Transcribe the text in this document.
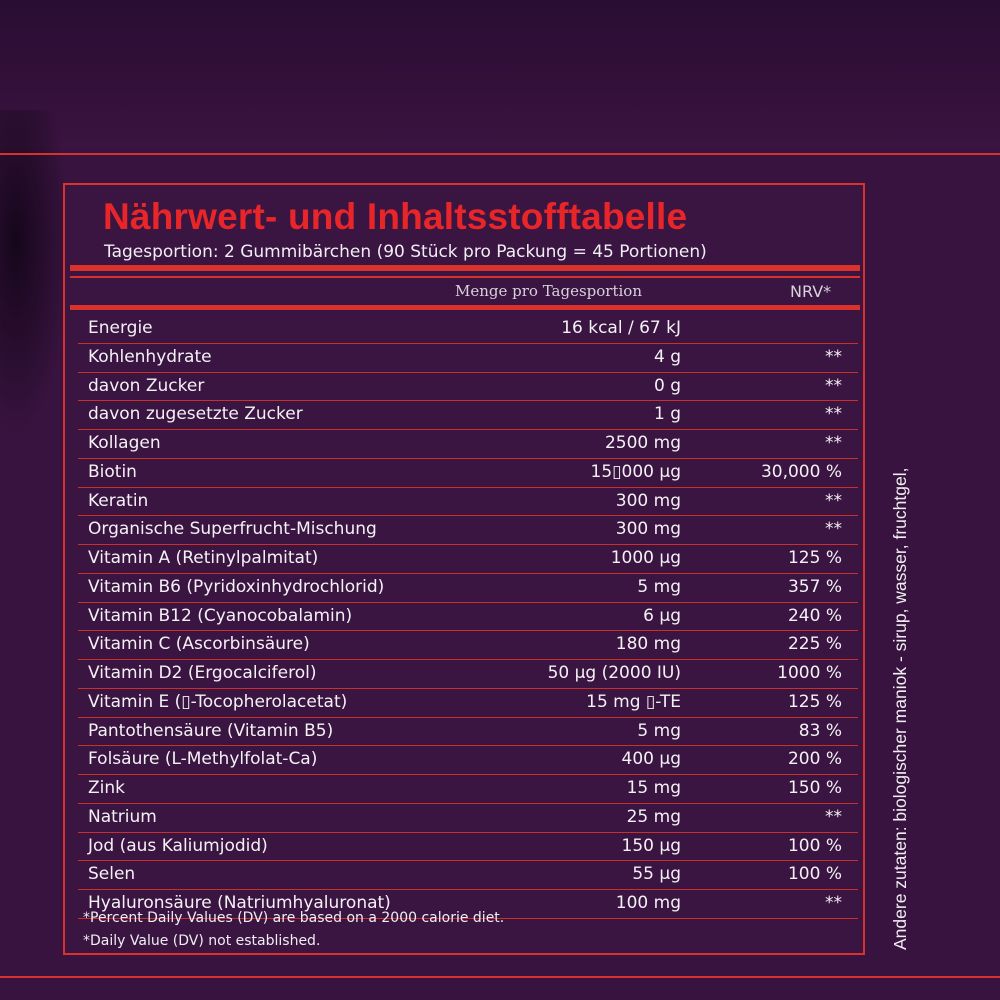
Nährwert- und Inhaltsstofftabelle
Tagesportion: 2 Gummibärchen (90 Stück pro Packung = 45 Portionen)
Menge pro Tagesportion	NRV*
Energie	16 kcal / 67 kJ
Kohlenhydrate	4 g	**
davon Zucker	0 g	**
davon zugesetzte Zucker	1 g	**
Kollagen	2500 mg	**
Biotin	15▯000 μg	30,000 %
Keratin	300 mg	**
Organische Superfrucht-Mischung	300 mg	**
Vitamin A (Retinylpalmitat)	1000 μg	125 %
Vitamin B6 (Pyridoxinhydrochlorid)	5 mg	357 %
Vitamin B12 (Cyanocobalamin)	6 μg	240 %
Vitamin C (Ascorbinsäure)	180 mg	225 %
Vitamin D2 (Ergocalciferol)	50 μg (2000 IU)	1000 %
Vitamin E (▯-Tocopherolacetat)	15 mg ▯-TE	125 %
Pantothensäure (Vitamin B5)	5 mg	83 %
Folsäure (L-Methylfolat-Ca)	400 μg	200 %
Zink	15 mg	150 %
Natrium	25 mg	**
Jod (aus Kaliumjodid)	150 μg	100 %
Selen	55 μg	100 %
Hyaluronsäure (Natriumhyaluronat)	100 mg	**
*Percent Daily Values (DV) are based on a 2000 calorie diet.
*Daily Value (DV) not established.	Andere zutaten: biologischer maniok - sirup, wasser, fruchtgel,
